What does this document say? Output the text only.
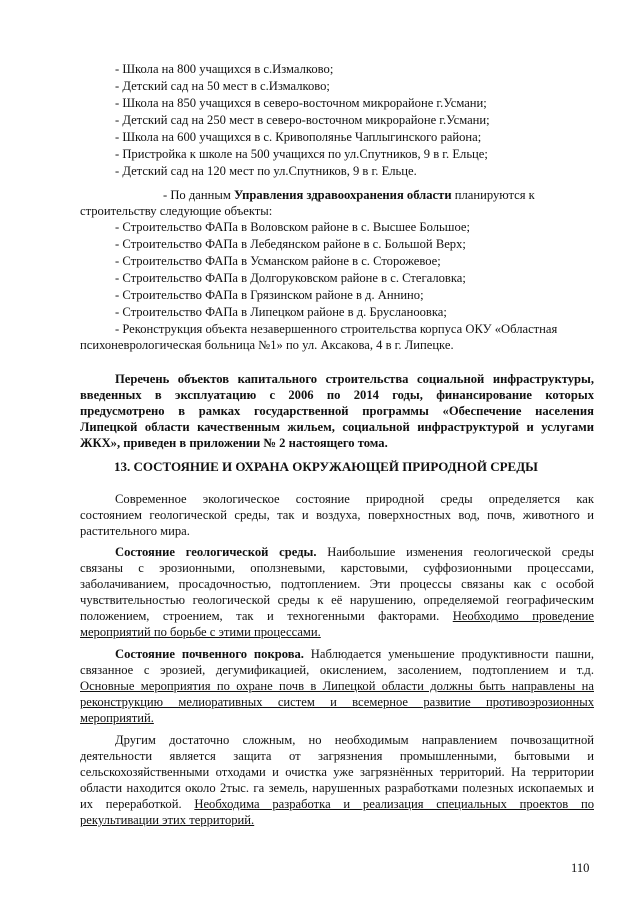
- Школа на 800 учащихся в с.Измалково;
- Детский сад на 50 мест в с.Измалково;
- Школа на 850 учащихся в северо-восточном микрорайоне г.Усмани;
- Детский сад на 250 мест в северо-восточном микрорайоне г.Усмани;
- Школа на 600 учащихся в с. Кривополянье Чаплыгинского района;
- Пристройка к школе на 500 учащихся по ул.Спутников, 9 в г. Ельце;
- Детский сад на 120 мест по ул.Спутников, 9 в г. Ельце.
- По данным Управления здравоохранения области планируются к
строительству следующие объекты:
- Строительство ФАПа в Воловском районе в с. Высшее Большое;
- Строительство ФАПа в Лебедянском районе в с. Большой Верх;
- Строительство ФАПа в Усманском районе в с. Сторожевое;
- Строительство ФАПа в Долгоруковском районе в с. Стегаловка;
- Строительство ФАПа в Грязинском районе в д. Аннино;
- Строительство ФАПа в Липецком районе в д. Брусланоовка;
- Реконструкция объекта незавершенного строительства корпуса ОКУ «Областная
психоневрологическая больница №1» по ул. Аксакова, 4 в г. Липецке.
Перечень объектов капитального строительства социальной инфраструктуры,
введенных в эксплуатацию с 2006 по 2014 годы, финансирование которых
предусмотрено в рамках государственной программы «Обеспечение населения
Липецкой области качественным жильем, социальной инфраструктурой и услугами
ЖКХ», приведен в приложении № 2 настоящего тома.
13. СОСТОЯНИЕ И ОХРАНА ОКРУЖАЮЩЕЙ ПРИРОДНОЙ СРЕДЫ
Современное экологическое состояние природной среды определяется как
состоянием геологической среды, так и воздуха, поверхностных вод, почв, животного и
растительного мира.
Состояние геологической среды. Наибольшие изменения геологической среды
связаны с эрозионными, оползневыми, карстовыми, суффозионными процессами,
заболачиванием, просадочностью, подтоплением. Эти процессы связаны как с особой
чувствительностью геологической среды к её нарушению, определяемой географическим
положением, строением, так и техногенными факторами. Необходимо проведение
мероприятий по борьбе с этими процессами.
Состояние почвенного покрова. Наблюдается уменьшение продуктивности пашни,
связанное с эрозией, дегумификацией, окислением, засолением, подтоплением и т.д.
Основные мероприятия по охране почв в Липецкой области должны быть направлены на
реконструкцию мелиоративных систем и всемерное развитие противоэрозионных
мероприятий.
Другим достаточно сложным, но необходимым направлением почвозащитной
деятельности является защита от загрязнения промышленными, бытовыми и
сельскохозяйственными отходами и очистка уже загрязнённых территорий. На территории
области находится около 2тыс. га земель, нарушенных разработками полезных ископаемых и
их переработкой. Необходима разработка и реализация специальных проектов по
рекультивации этих территорий.
110
